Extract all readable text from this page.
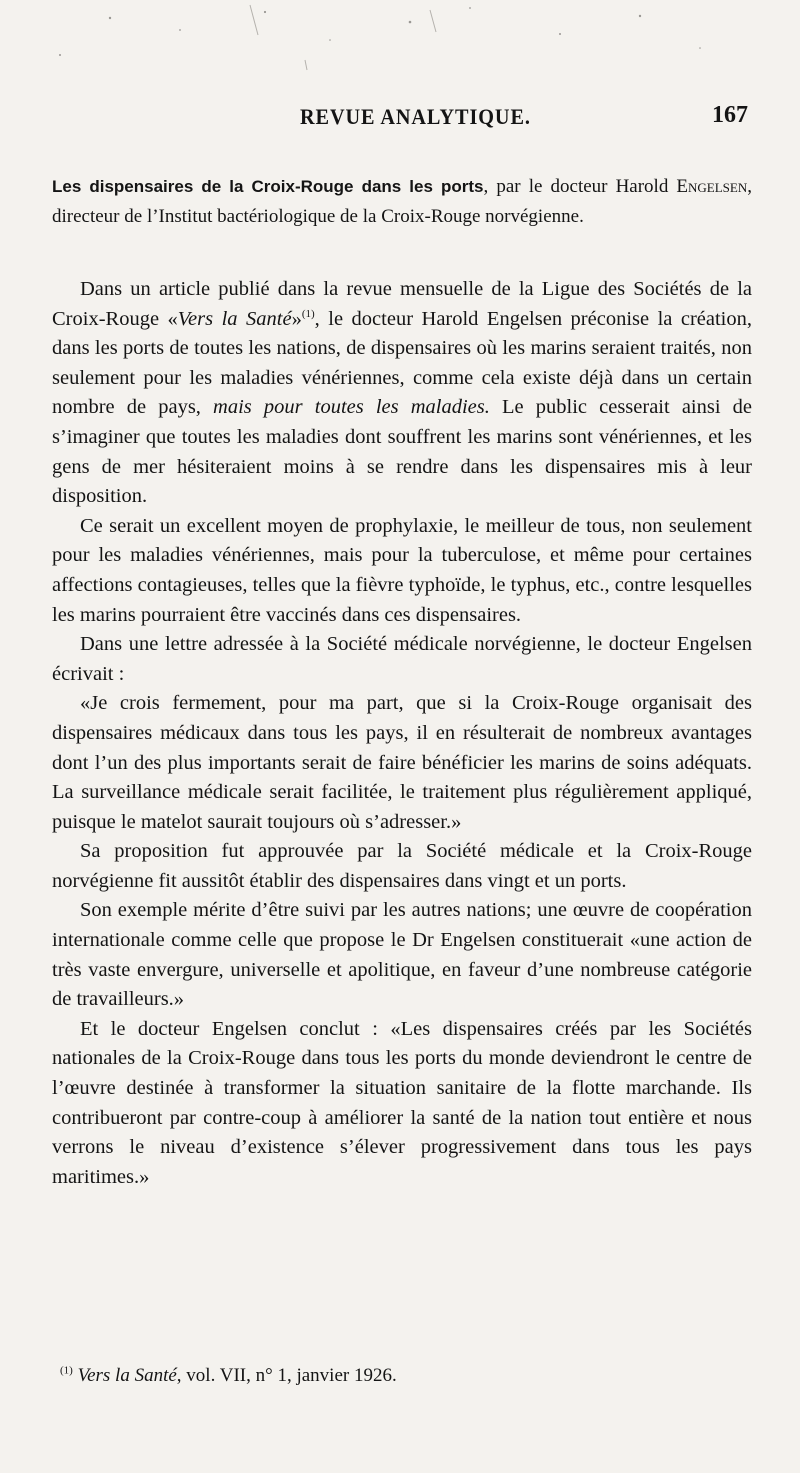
REVUE ANALYTIQUE.	167
Les dispensaires de la Croix-Rouge dans les ports, par le docteur Harold Engelsen, directeur de l’Institut bactériologique de la Croix-Rouge norvégienne.

Dans un article publié dans la revue mensuelle de la Ligue des Sociétés de la Croix-Rouge «Vers la Santé»$^{(1)}$, le docteur Harold Engelsen préconise la création, dans les ports de toutes les nations, de dispensaires où les marins seraient traités, non seulement pour les maladies vénériennes, comme cela existe déjà dans un certain nombre de pays, mais pour toutes les maladies. Le public cesserait ainsi de s’imaginer que toutes les maladies dont souffrent les marins sont vénériennes, et les gens de mer hésiteraient moins à se rendre dans les dispensaires mis à leur disposition.

Ce serait un excellent moyen de prophylaxie, le meilleur de tous, non seulement pour les maladies vénériennes, mais pour la tuberculose, et même pour certaines affections contagieuses, telles que la fièvre typhoïde, le typhus, etc., contre lesquelles les marins pourraient être vaccinés dans ces dispensaires.

Dans une lettre adressée à la Société médicale norvégienne, le docteur Engelsen écrivait :

«Je crois fermement, pour ma part, que si la Croix-Rouge organisait des dispensaires médicaux dans tous les pays, il en résulterait de nombreux avantages dont l’un des plus importants serait de faire bénéficier les marins de soins adéquats. La surveillance médicale serait facilitée, le traitement plus régulièrement appliqué, puisque le matelot saurait toujours où s’adresser.»

Sa proposition fut approuvée par la Société médicale et la Croix-Rouge norvégienne fit aussitôt établir des dispensaires dans vingt et un ports.

Son exemple mérite d’être suivi par les autres nations; une œuvre de coopération internationale comme celle que propose le Dr Engelsen constituerait «une action de très vaste envergure, universelle et apolitique, en faveur d’une nombreuse catégorie de travailleurs.»

Et le docteur Engelsen conclut : «Les dispensaires créés par les Sociétés nationales de la Croix-Rouge dans tous les ports du monde deviendront le centre de l’œuvre destinée à transformer la situation sanitaire de la flotte marchande. Ils contribueront par contre-coup à améliorer la santé de la nation tout entière et nous verrons le niveau d’existence s’élever progressivement dans tous les pays maritimes.»

$^{(1)}$ Vers la Santé, vol. VII, n° 1, janvier 1926.
